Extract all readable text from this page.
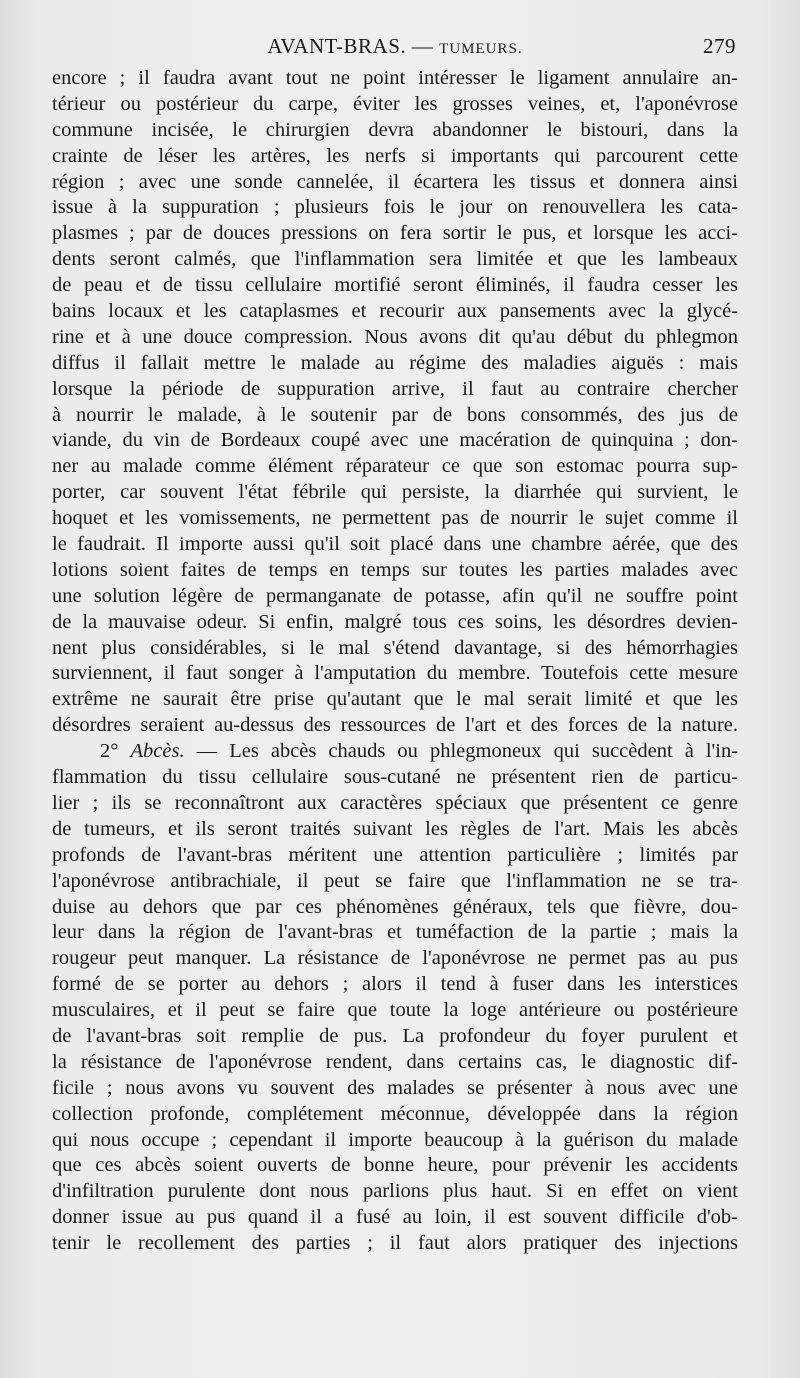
AVANT-BRAS. — TUMEURS.	279
encore ; il faudra avant tout ne point intéresser le ligament annulaire an-
térieur ou postérieur du carpe, éviter les grosses veines, et, l'aponévrose
commune incisée, le chirurgien devra abandonner le bistouri, dans la
crainte de léser les artères, les nerfs si importants qui parcourent cette
région ; avec une sonde cannelée, il écartera les tissus et donnera ainsi
issue à la suppuration ; plusieurs fois le jour on renouvellera les cata-
plasmes ; par de douces pressions on fera sortir le pus, et lorsque les acci-
dents seront calmés, que l'inflammation sera limitée et que les lambeaux
de peau et de tissu cellulaire mortifié seront éliminés, il faudra cesser les
bains locaux et les cataplasmes et recourir aux pansements avec la glycé-
rine et à une douce compression. Nous avons dit qu'au début du phlegmon
diffus il fallait mettre le malade au régime des maladies aiguës : mais
lorsque la période de suppuration arrive, il faut au contraire chercher
à nourrir le malade, à le soutenir par de bons consommés, des jus de
viande, du vin de Bordeaux coupé avec une macération de quinquina ; don-
ner au malade comme élément réparateur ce que son estomac pourra sup-
porter, car souvent l'état fébrile qui persiste, la diarrhée qui survient, le
hoquet et les vomissements, ne permettent pas de nourrir le sujet comme il
le faudrait. Il importe aussi qu'il soit placé dans une chambre aérée, que des
lotions soient faites de temps en temps sur toutes les parties malades avec
une solution légère de permanganate de potasse, afin qu'il ne souffre point
de la mauvaise odeur. Si enfin, malgré tous ces soins, les désordres devien-
nent plus considérables, si le mal s'étend davantage, si des hémorrhagies
surviennent, il faut songer à l'amputation du membre. Toutefois cette mesure
extrême ne saurait être prise qu'autant que le mal serait limité et que les
désordres seraient au-dessus des ressources de l'art et des forces de la nature.
2° Abcès. — Les abcès chauds ou phlegmoneux qui succèdent à l'in-
flammation du tissu cellulaire sous-cutané ne présentent rien de particu-
lier ; ils se reconnaîtront aux caractères spéciaux que présentent ce genre
de tumeurs, et ils seront traités suivant les règles de l'art. Mais les abcès
profonds de l'avant-bras méritent une attention particulière ; limités par
l'aponévrose antibrachiale, il peut se faire que l'inflammation ne se tra-
duise au dehors que par ces phénomènes généraux, tels que fièvre, dou-
leur dans la région de l'avant-bras et tuméfaction de la partie ; mais la
rougeur peut manquer. La résistance de l'aponévrose ne permet pas au pus
formé de se porter au dehors ; alors il tend à fuser dans les interstices
musculaires, et il peut se faire que toute la loge antérieure ou postérieure
de l'avant-bras soit remplie de pus. La profondeur du foyer purulent et
la résistance de l'aponévrose rendent, dans certains cas, le diagnostic dif-
ficile ; nous avons vu souvent des malades se présenter à nous avec une
collection profonde, complétement méconnue, développée dans la région
qui nous occupe ; cependant il importe beaucoup à la guérison du malade
que ces abcès soient ouverts de bonne heure, pour prévenir les accidents
d'infiltration purulente dont nous parlions plus haut. Si en effet on vient
donner issue au pus quand il a fusé au loin, il est souvent difficile d'ob-
tenir le recollement des parties ; il faut alors pratiquer des injections
